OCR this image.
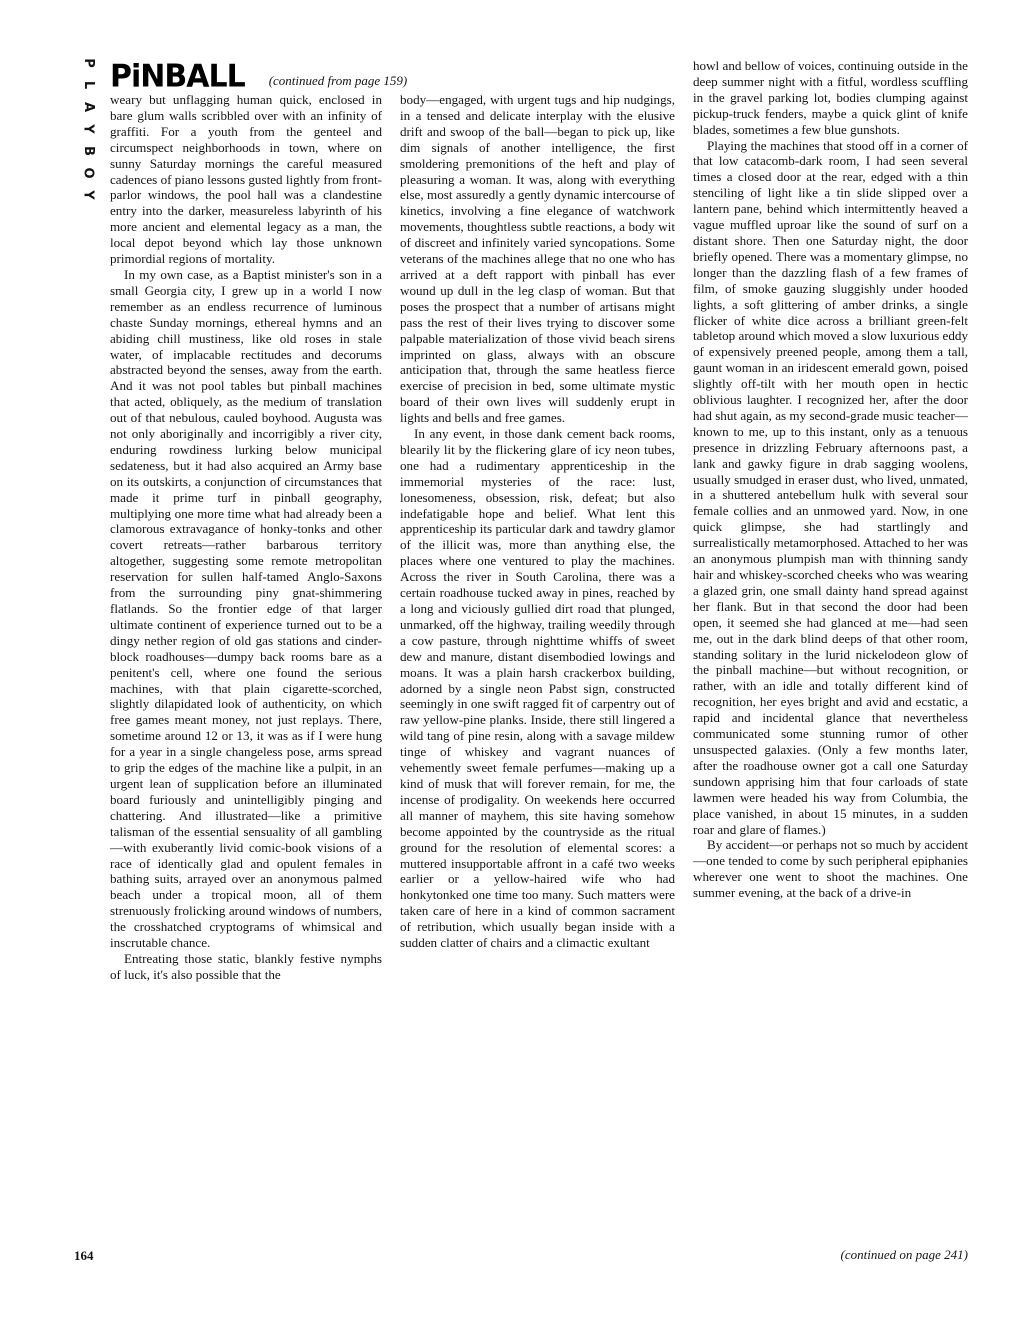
P
L
A
Y
B
O
Y
PiNBALL (continued from page 159)

weary but unflagging human quick, enclosed in bare glum walls scribbled over with an infinity of graffiti. For a youth from the genteel and circumspect neighborhoods in town, where on sunny Saturday mornings the careful measured cadences of piano lessons gusted lightly from front-parlor windows, the pool hall was a clandestine entry into the darker, measureless labyrinth of his more ancient and elemental legacy as a man, the local depot beyond which lay those unknown primordial regions of mortality.

In my own case, as a Baptist minister's son in a small Georgia city, I grew up in a world I now remember as an endless recurrence of luminous chaste Sunday mornings, ethereal hymns and an abiding chill mustiness, like old roses in stale water, of implacable rectitudes and decorums abstracted beyond the senses, away from the earth. And it was not pool tables but pinball machines that acted, obliquely, as the medium of translation out of that nebulous, cauled boyhood. Augusta was not only aboriginally and incorrigibly a river city, enduring rowdiness lurking below municipal sedateness, but it had also acquired an Army base on its outskirts, a conjunction of circumstances that made it prime turf in pinball geography, multiplying one more time what had already been a clamorous extravagance of honky-tonks and other covert retreats—rather barbarous territory altogether, suggesting some remote metropolitan reservation for sullen half-tamed Anglo-Saxons from the surrounding piny gnat-shimmering flatlands. So the frontier edge of that larger ultimate continent of experience turned out to be a dingy nether region of old gas stations and cinder-block roadhouses—dumpy back rooms bare as a penitent's cell, where one found the serious machines, with that plain cigarette-scorched, slightly dilapidated look of authenticity, on which free games meant money, not just replays. There, sometime around 12 or 13, it was as if I were hung for a year in a single changeless pose, arms spread to grip the edges of the machine like a pulpit, in an urgent lean of supplication before an illuminated board furiously and unintelligibly pinging and chattering. And illustrated—like a primitive talisman of the essential sensuality of all gambling—with exuberantly livid comic-book visions of a race of identically glad and opulent females in bathing suits, arrayed over an anonymous palmed beach under a tropical moon, all of them strenuously frolicking around windows of numbers, the crosshatched cryptograms of whimsical and inscrutable chance.

Entreating those static, blankly festive nymphs of luck, it's also possible that the

body—engaged, with urgent tugs and hip nudgings, in a tensed and delicate interplay with the elusive drift and swoop of the ball—began to pick up, like dim signals of another intelligence, the first smoldering premonitions of the heft and play of pleasuring a woman. It was, along with everything else, most assuredly a gently dynamic intercourse of kinetics, involving a fine elegance of watchwork movements, thoughtless subtle reactions, a body wit of discreet and infinitely varied syncopations. Some veterans of the machines allege that no one who has arrived at a deft rapport with pinball has ever wound up dull in the leg clasp of woman. But that poses the prospect that a number of artisans might pass the rest of their lives trying to discover some palpable materialization of those vivid beach sirens imprinted on glass, always with an obscure anticipation that, through the same heatless fierce exercise of precision in bed, some ultimate mystic board of their own lives will suddenly erupt in lights and bells and free games.

In any event, in those dank cement back rooms, blearily lit by the flickering glare of icy neon tubes, one had a rudimentary apprenticeship in the immemorial mysteries of the race: lust, lonesomeness, obsession, risk, defeat; but also indefatigable hope and belief. What lent this apprenticeship its particular dark and tawdry glamor of the illicit was, more than anything else, the places where one ventured to play the machines. Across the river in South Carolina, there was a certain roadhouse tucked away in pines, reached by a long and viciously gullied dirt road that plunged, unmarked, off the highway, trailing weedily through a cow pasture, through nighttime whiffs of sweet dew and manure, distant disembodied lowings and moans. It was a plain harsh crackerbox building, adorned by a single neon Pabst sign, constructed seemingly in one swift ragged fit of carpentry out of raw yellow-pine planks. Inside, there still lingered a wild tang of pine resin, along with a savage mildew tinge of whiskey and vagrant nuances of vehemently sweet female perfumes—making up a kind of musk that will forever remain, for me, the incense of prodigality. On weekends here occurred all manner of mayhem, this site having somehow become appointed by the countryside as the ritual ground for the resolution of elemental scores: a muttered insupportable affront in a café two weeks earlier or a yellow-haired wife who had honkytonked one time too many. Such matters were taken care of here in a kind of common sacrament of retribution, which usually began inside with a sudden clatter of chairs and a climactic exultant

howl and bellow of voices, continuing outside in the deep summer night with a fitful, wordless scuffling in the gravel parking lot, bodies clumping against pickup-truck fenders, maybe a quick glint of knife blades, sometimes a few blue gunshots.

Playing the machines that stood off in a corner of that low catacomb-dark room, I had seen several times a closed door at the rear, edged with a thin stenciling of light like a tin slide slipped over a lantern pane, behind which intermittently heaved a vague muffled uproar like the sound of surf on a distant shore. Then one Saturday night, the door briefly opened. There was a momentary glimpse, no longer than the dazzling flash of a few frames of film, of smoke gauzing sluggishly under hooded lights, a soft glittering of amber drinks, a single flicker of white dice across a brilliant green-felt tabletop around which moved a slow luxurious eddy of expensively preened people, among them a tall, gaunt woman in an iridescent emerald gown, poised slightly off-tilt with her mouth open in hectic oblivious laughter. I recognized her, after the door had shut again, as my second-grade music teacher—known to me, up to this instant, only as a tenuous presence in drizzling February afternoons past, a lank and gawky figure in drab sagging woolens, usually smudged in eraser dust, who lived, unmated, in a shuttered antebellum hulk with several sour female collies and an unmowed yard. Now, in one quick glimpse, she had startlingly and surrealistically metamorphosed. Attached to her was an anonymous plumpish man with thinning sandy hair and whiskey-scorched cheeks who was wearing a glazed grin, one small dainty hand spread against her flank. But in that second the door had been open, it seemed she had glanced at me—had seen me, out in the dark blind deeps of that other room, standing solitary in the lurid nickelodeon glow of the pinball machine—but without recognition, or rather, with an idle and totally different kind of recognition, her eyes bright and avid and ecstatic, a rapid and incidental glance that nevertheless communicated some stunning rumor of other unsuspected galaxies. (Only a few months later, after the roadhouse owner got a call one Saturday sundown apprising him that four carloads of state lawmen were headed his way from Columbia, the place vanished, in about 15 minutes, in a sudden roar and glare of flames.)

By accident—or perhaps not so much by accident—one tended to come by such peripheral epiphanies wherever one went to shoot the machines. One summer evening, at the back of a drive-in

164	(continued on page 241)
